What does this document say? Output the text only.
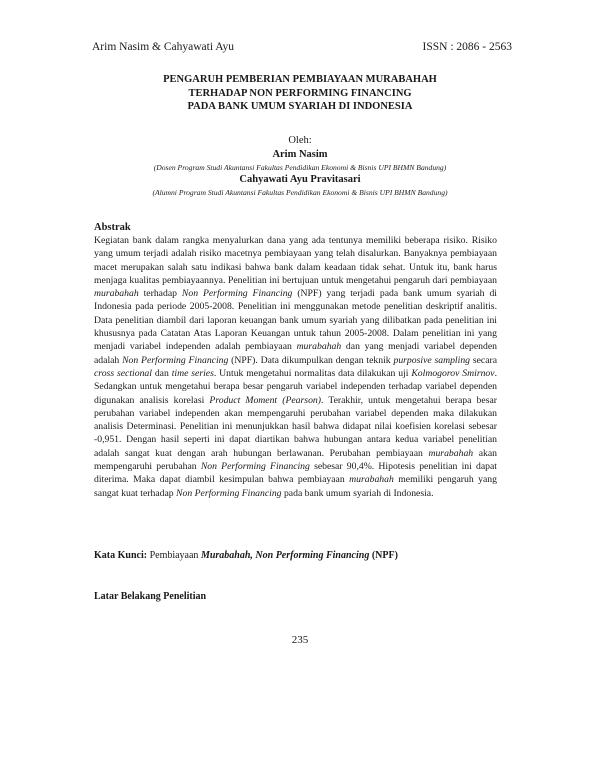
Arim Nasim & Cahyawati Ayu	ISSN : 2086 - 2563
PENGARUH PEMBERIAN PEMBIAYAAN MURABAHAH
TERHADAP NON PERFORMING FINANCING
PADA BANK UMUM SYARIAH DI INDONESIA
Oleh:
Arim Nasim
(Dosen Program Studi Akuntansi Fakultas Pendidikan Ekonomi & Bisnis UPI BHMN Bandung)
Cahyawati Ayu Pravitasari
(Alumni Program Studi Akuntansi Fakultas Pendidikan Ekonomi & Bisnis UPI BHMN Bandung)
Abstrak

Kegiatan bank dalam rangka menyalurkan dana yang ada tentunya memiliki beberapa risiko. Risiko yang umum terjadi adalah risiko macetnya pembiayaan yang telah disalurkan. Banyaknya pembiayaan macet merupakan salah satu indikasi bahwa bank dalam keadaan tidak sehat. Untuk itu, bank harus menjaga kualitas pembiayaannya. Penelitian ini bertujuan untuk mengetahui pengaruh dari pembiayaan murabahah terhadap Non Performing Financing (NPF) yang terjadi pada bank umum syariah di Indonesia pada periode 2005-2008. Penelitian ini menggunakan metode penelitian deskriptif analitis. Data penelitian diambil dari laporan keuangan bank umum syariah yang dilibatkan pada penelitian ini khususnya pada Catatan Atas Laporan Keuangan untuk tahun 2005-2008. Dalam penelitian ini yang menjadi variabel independen adalah pembiayaan murabahah dan yang menjadi variabel dependen adalah Non Performing Financing (NPF). Data dikumpulkan dengan teknik purposive sampling secara cross sectional dan time series. Untuk mengetahui normalitas data dilakukan uji Kolmogorov Smirnov. Sedangkan untuk mengetahui berapa besar pengaruh variabel independen terhadap variabel dependen digunakan analisis korelasi Product Moment (Pearson). Terakhir, untuk mengetahui berapa besar perubahan variabel independen akan mempengaruhi perubahan variabel dependen maka dilakukan analisis Determinasi. Penelitian ini menunjukkan hasil bahwa didapat nilai koefisien korelasi sebesar -0,951. Dengan hasil seperti ini dapat diartikan bahwa hubungan antara kedua variabel penelitian adalah sangat kuat dengan arah hubungan berlawanan. Perubahan pembiayaan murabahah akan mempengaruhi perubahan Non Performing Financing sebesar 90,4%. Hipotesis penelitian ini dapat diterima. Maka dapat diambil kesimpulan bahwa pembiayaan murabahah memiliki pengaruh yang sangat kuat terhadap Non Performing Financing pada bank umum syariah di Indonesia.

Kata Kunci: Pembiayaan Murabahah, Non Performing Financing (NPF)
Latar Belakang Penelitian
235
